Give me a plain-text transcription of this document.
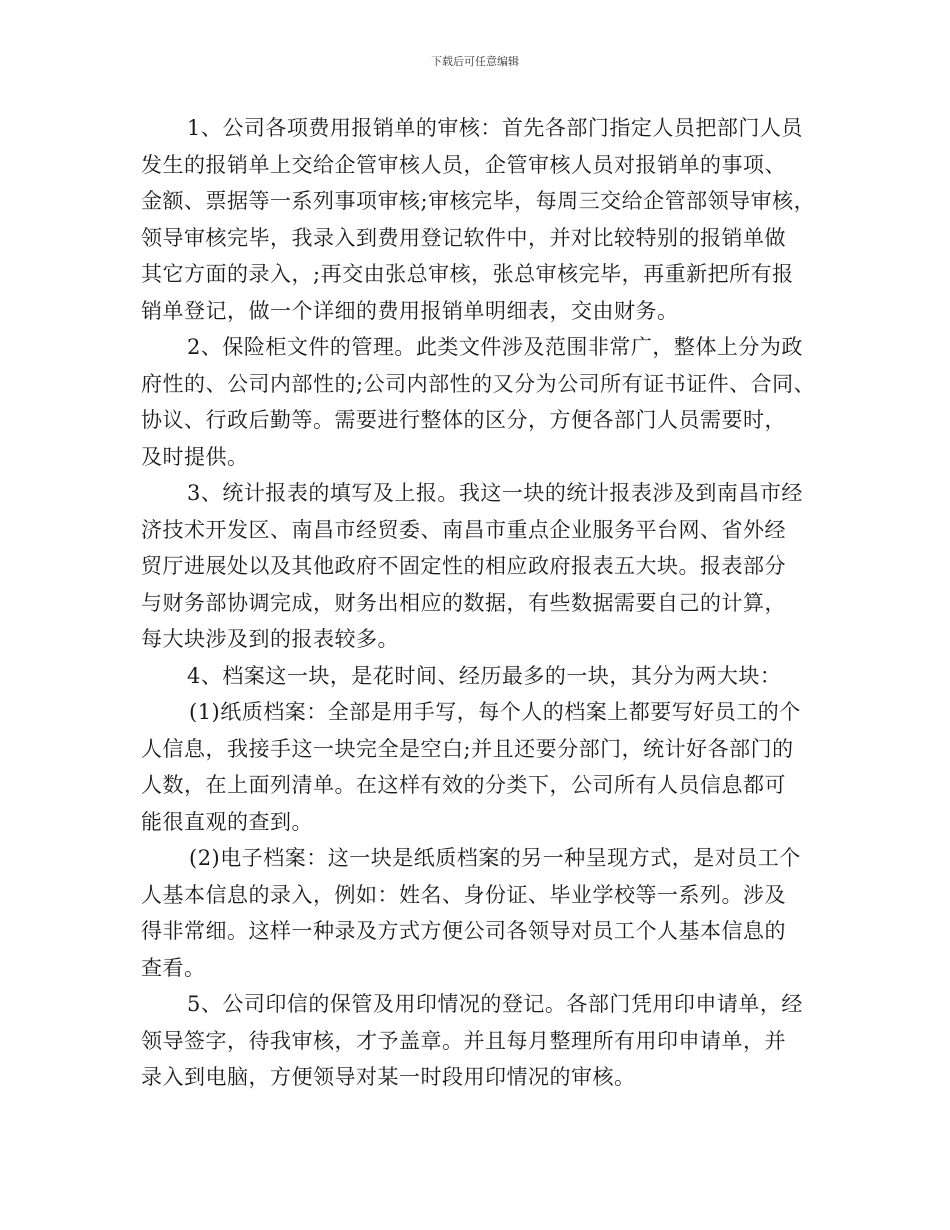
下载后可任意编辑
1、公司各项费用报销单的审核：首先各部门指定人员把部门人员
发生的报销单上交给企管审核人员，企管审核人员对报销单的事项、
金额、票据等一系列事项审核;审核完毕，每周三交给企管部领导审核，
领导审核完毕，我录入到费用登记软件中，并对比较特别的报销单做
其它方面的录入，;再交由张总审核，张总审核完毕，再重新把所有报
销单登记，做一个详细的费用报销单明细表，交由财务。
2、保险柜文件的管理。此类文件涉及范围非常广，整体上分为政
府性的、公司内部性的;公司内部性的又分为公司所有证书证件、合同、
协议、行政后勤等。需要进行整体的区分，方便各部门人员需要时，
及时提供。
3、统计报表的填写及上报。我这一块的统计报表涉及到南昌市经
济技术开发区、南昌市经贸委、南昌市重点企业服务平台网、省外经
贸厅进展处以及其他政府不固定性的相应政府报表五大块。报表部分
与财务部协调完成，财务出相应的数据，有些数据需要自己的计算，
每大块涉及到的报表较多。
4、档案这一块，是花时间、经历最多的一块，其分为两大块：
(1)纸质档案：全部是用手写，每个人的档案上都要写好员工的个
人信息，我接手这一块完全是空白;并且还要分部门，统计好各部门的
人数，在上面列清单。在这样有效的分类下，公司所有人员信息都可
能很直观的查到。
(2)电子档案：这一块是纸质档案的另一种呈现方式，是对员工个
人基本信息的录入，例如：姓名、身份证、毕业学校等一系列。涉及
得非常细。这样一种录及方式方便公司各领导对员工个人基本信息的
查看。
5、公司印信的保管及用印情况的登记。各部门凭用印申请单，经
领导签字，待我审核，才予盖章。并且每月整理所有用印申请单，并
录入到电脑，方便领导对某一时段用印情况的审核。
